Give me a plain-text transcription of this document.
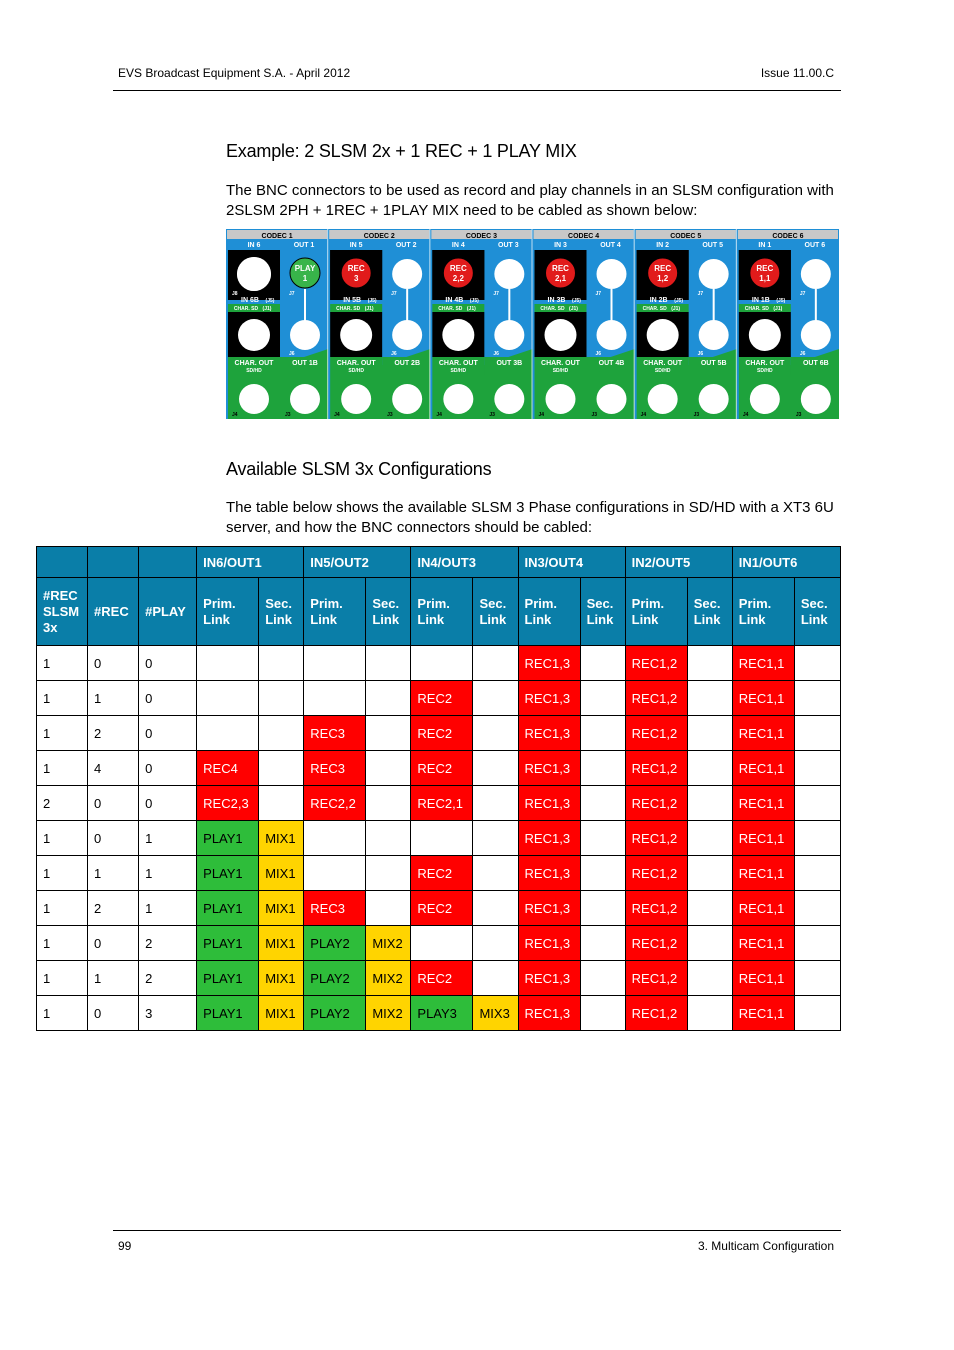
EVS Broadcast Equipment S.A. - April 2012	Issue 11.00.C
Example: 2 SLSM 2x + 1 REC + 1 PLAY MIX

The BNC connectors to be used as record and play channels in an SLSM configuration with 2SLSM 2PH + 1REC + 1PLAY MIX need to be cabled as shown below:

CODEC 1
IN 6	OUT 1
J8
PLAY
1
J7
IN 6B (J5)
CHAR. SD (J1)
J6
CHAR. OUT
SD/HD
OUT 1B
J4	J3
CODEC 2
IN 5	OUT 2
REC
3
J7
IN 5B (J5)
CHAR. SD (J1)
J6
CHAR. OUT
SD/HD
OUT 2B
J4	J3
CODEC 3
IN 4	OUT 3
REC
2,2
J7
IN 4B (J5)
CHAR. SD (J1)
J6
CHAR. OUT
SD/HD
OUT 3B
J4	J3
CODEC 4
IN 3	OUT 4
REC
2,1
J7
IN 3B (J5)
CHAR. SD (J1)
J6
CHAR. OUT
SD/HD
OUT 4B
J4	J3
CODEC 5
IN 2	OUT 5
REC
1,2
J7
IN 2B (J5)
CHAR. SD (J1)
J6
CHAR. OUT
SD/HD
OUT 5B
J4	J3
CODEC 6
IN 1	OUT 6
REC
1,1
J7
IN 1B (J5)
CHAR. SD (J1)
J6
CHAR. OUT
SD/HD
OUT 6B
J4	J3
Available SLSM 3x Configurations

The table below shows the available SLSM 3 Phase configurations in SD/HD with a XT3 6U server, and how the BNC connectors should be cabled:

			IN6/OUT1		IN5/OUT2		IN4/OUT3		IN3/OUT4		IN2/OUT5		IN1/OUT6	
#REC SLSM 3x	#REC	#PLAY	Prim. Link	Sec. Link	Prim. Link	Sec. Link	Prim. Link	Sec. Link	Prim. Link	Sec. Link	Prim. Link	Sec. Link	Prim. Link	Sec. Link
1	0	0							REC1,3		REC1,2		REC1,1	
1	1	0					REC2		REC1,3		REC1,2		REC1,1	
1	2	0			REC3		REC2		REC1,3		REC1,2		REC1,1	
1	4	0	REC4		REC3		REC2		REC1,3		REC1,2		REC1,1	
2	0	0	REC2,3		REC2,2		REC2,1		REC1,3		REC1,2		REC1,1	
1	0	1	PLAY1	MIX1					REC1,3		REC1,2		REC1,1	
1	1	1	PLAY1	MIX1			REC2		REC1,3		REC1,2		REC1,1	
1	2	1	PLAY1	MIX1	REC3		REC2		REC1,3		REC1,2		REC1,1	
1	0	2	PLAY1	MIX1	PLAY2	MIX2			REC1,3		REC1,2		REC1,1	
1	1	2	PLAY1	MIX1	PLAY2	MIX2	REC2		REC1,3		REC1,2		REC1,1	
1	0	3	PLAY1	MIX1	PLAY2	MIX2	PLAY3	MIX3	REC1,3		REC1,2		REC1,1	
99	3. Multicam Configuration
